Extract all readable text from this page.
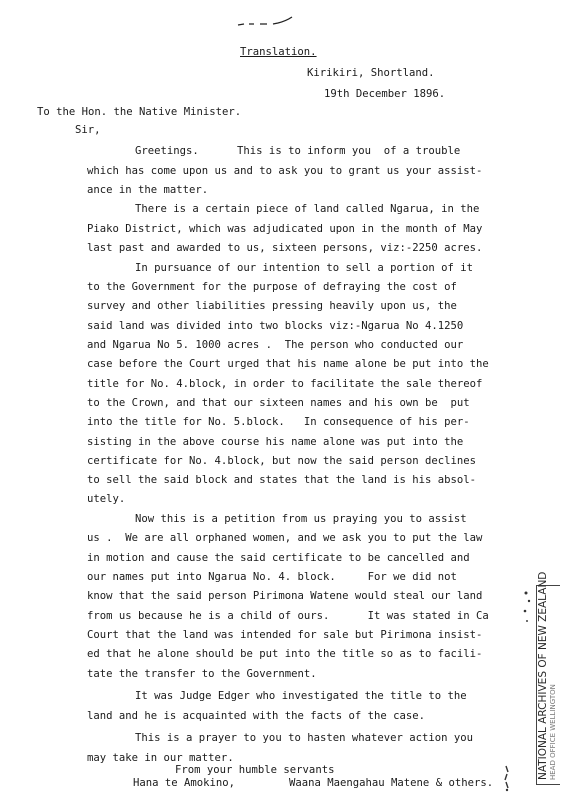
Translation.
Kirikiri, Shortland.
19th December 1896.
To the Hon. the Native Minister.
Sir,
Greetings.      This is to inform you  of a trouble
which has come upon us and to ask you to grant us your assist-
ance in the matter.
There is a certain piece of land called Ngarua, in the
Piako District, which was adjudicated upon in the month of May
last past and awarded to us, sixteen persons, viz:-2250 acres.
In pursuance of our intention to sell a portion of it
to the Government for the purpose of defraying the cost of
survey and other liabilities pressing heavily upon us, the
said land was divided into two blocks viz:-Ngarua No 4.1250
and Ngarua No 5. 1000 acres .  The person who conducted our
case before the Court urged that his name alone be put into the
title for No. 4.block, in order to facilitate the sale thereof
to the Crown, and that our sixteen names and his own be  put
into the title for No. 5.block.   In consequence of his per-
sisting in the above course his name alone was put into the
certificate for No. 4.block, but now the said person declines
to sell the said block and states that the land is his absol-
utely.
Now this is a petition from us praying you to assist
us .  We are all orphaned women, and we ask you to put the law
in motion and cause the said certificate to be cancelled and
our names put into Ngarua No. 4. block.     For we did not
know that the said person Pirimona Watene would steal our land
from us because he is a child of ours.      It was stated in Ca
Court that the land was intended for sale but Pirimona insist-
ed that he alone should be put into the title so as to facili-
tate the transfer to the Government.
It was Judge Edger who investigated the title to the
land and he is acquainted with the facts of the case.
This is a prayer to you to hasten whatever action you
may take in our matter.
From your humble servants
Hana te Amokino,	Waana Maengahau Matene & others.
NATIONAL ARCHIVES OF NEW ZEALAND HEAD OFFICE WELLINGTON
